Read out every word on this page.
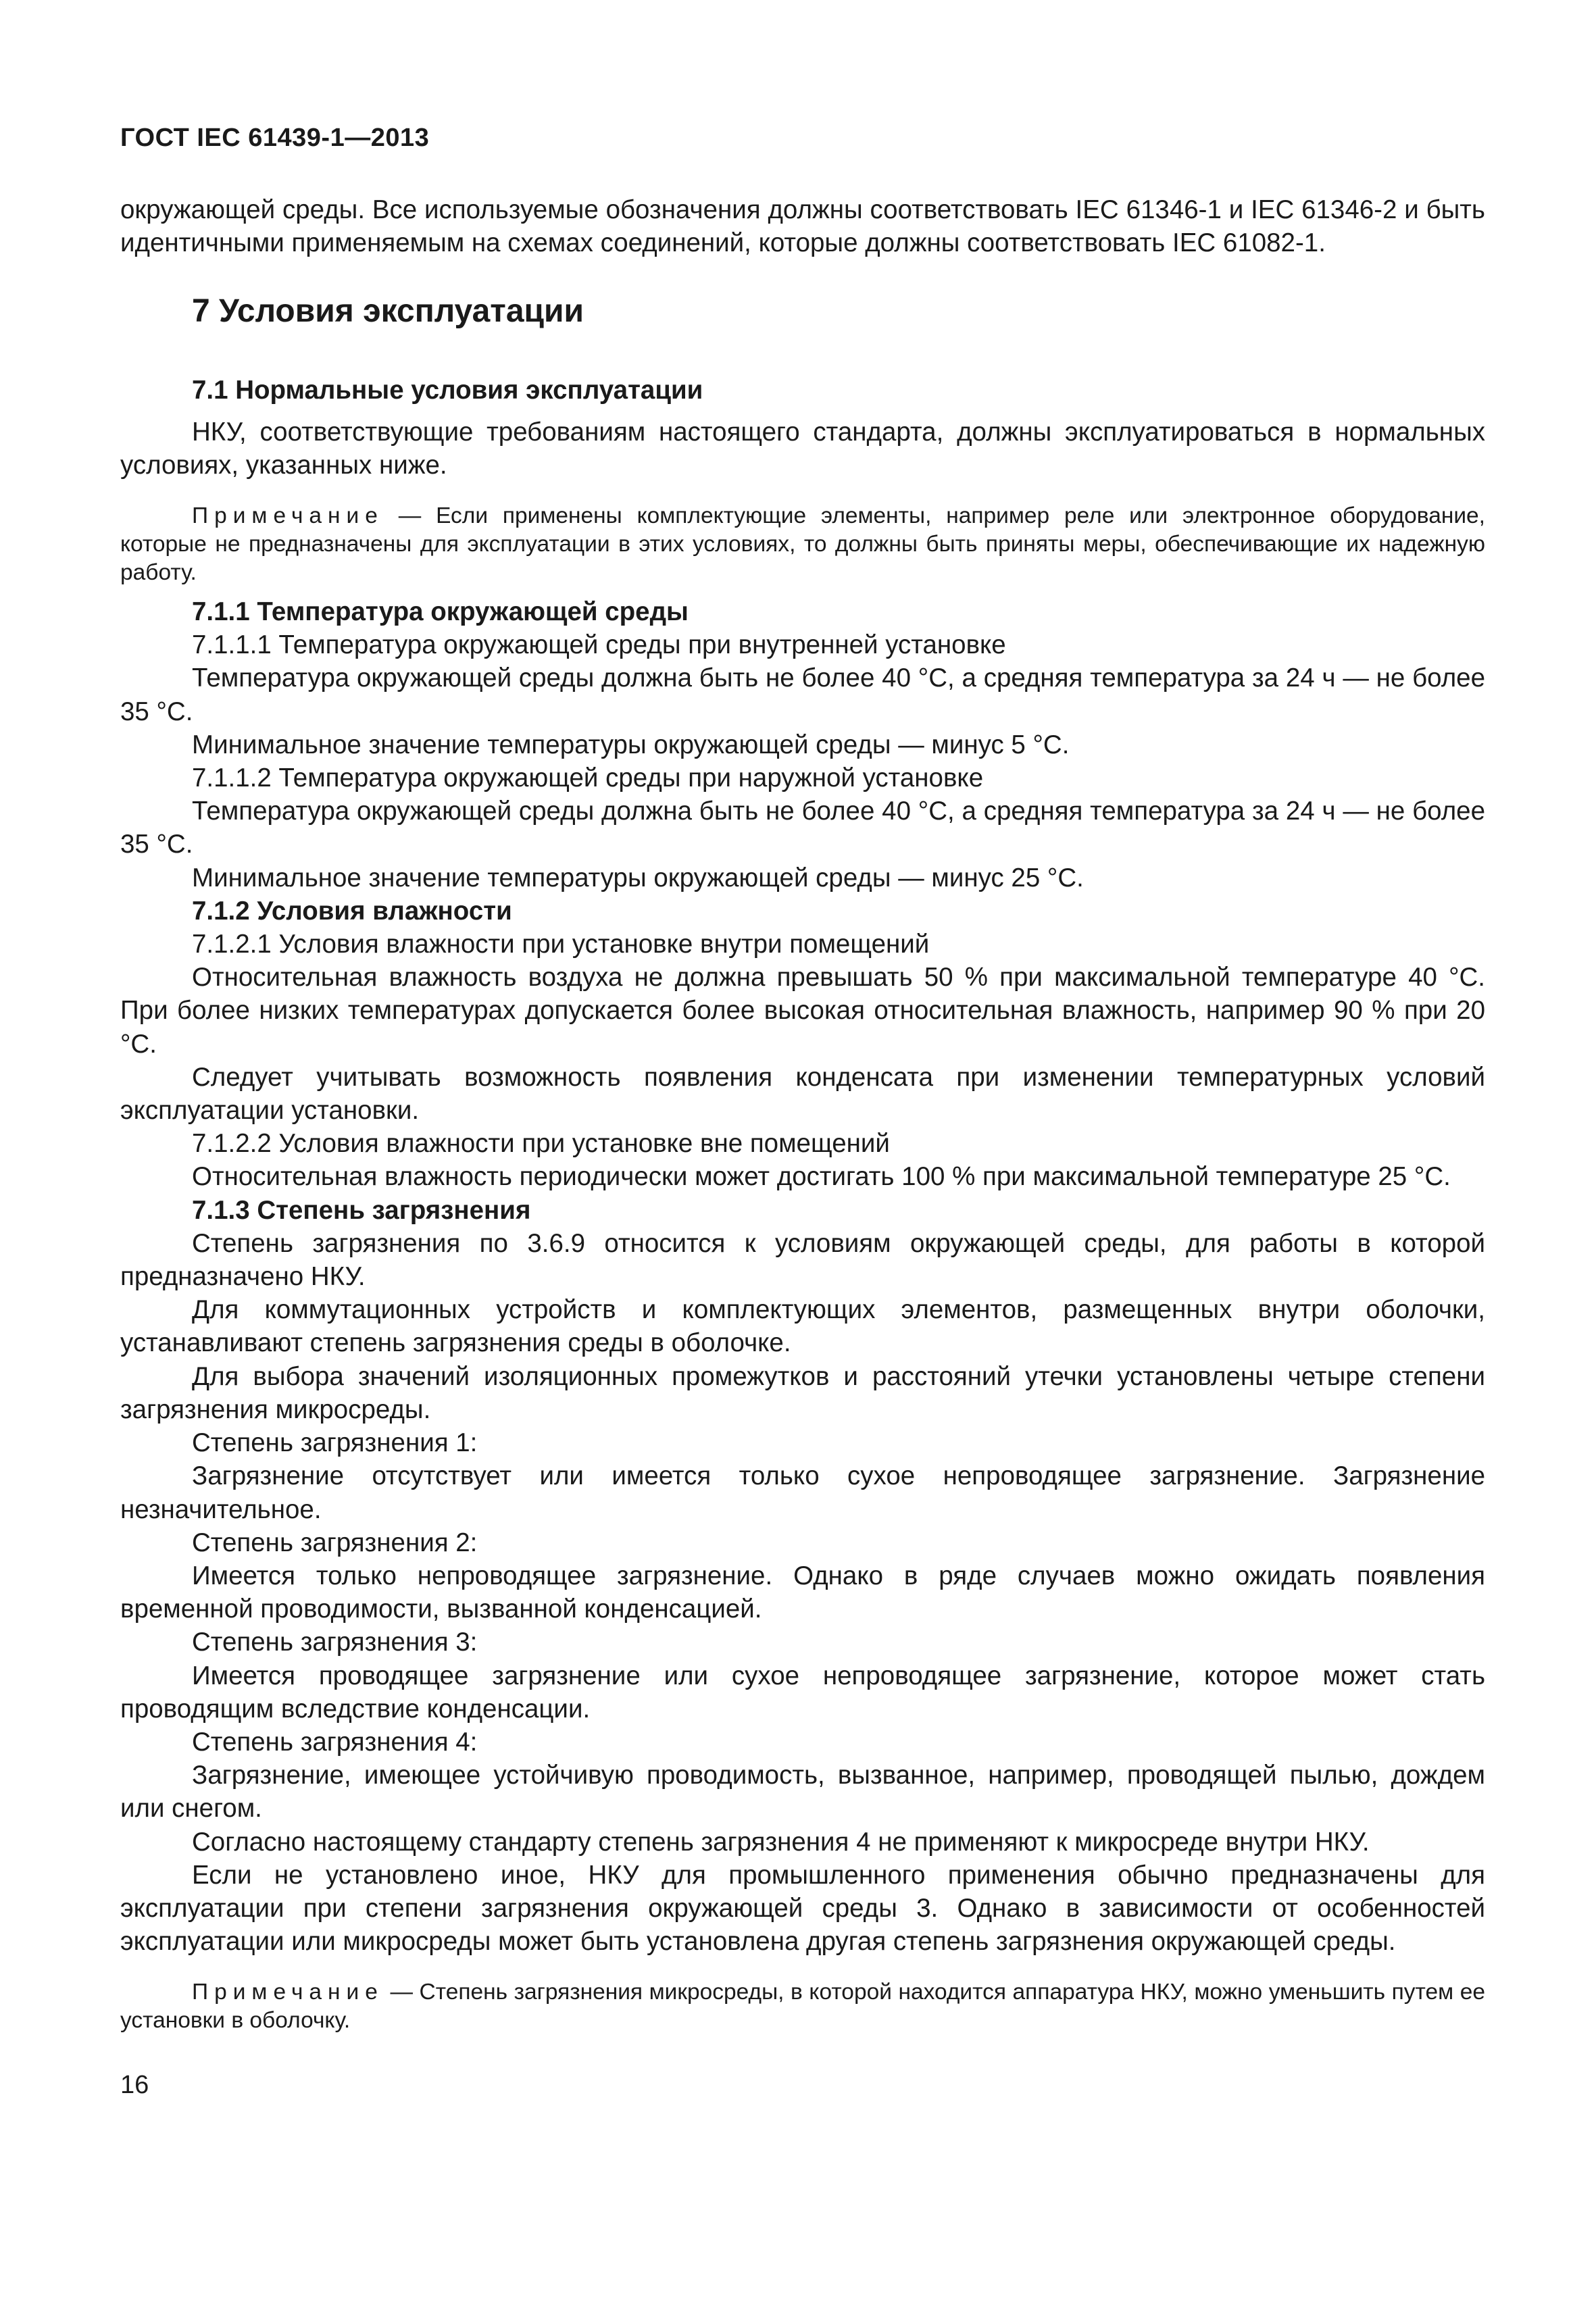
ГОСТ IEC 61439-1—2013

окружающей среды. Все используемые обозначения должны соответствовать IEC 61346-1 и IEC 61346-2 и быть идентичными применяемым на схемах соединений, которые должны соответствовать IEC 61082-1.

7 Условия эксплуатации
7.1 Нормальные условия эксплуатации

НКУ, соответствующие требованиям настоящего стандарта, должны эксплуатироваться в нормальных условиях, указанных ниже.

Примечание — Если применены комплектующие элементы, например реле или электронное оборудование, которые не предназначены для эксплуатации в этих условиях, то должны быть приняты меры, обеспечивающие их надежную работу.
7.1.1 Температура окружающей среды

7.1.1.1 Температура окружающей среды при внутренней установке

Температура окружающей среды должна быть не более 40 °С, а средняя температура за 24 ч — не более 35 °С.

Минимальное значение температуры окружающей среды — минус 5 °С.

7.1.1.2 Температура окружающей среды при наружной установке

Температура окружающей среды должна быть не более 40 °С, а средняя температура за 24 ч — не более 35 °С.

Минимальное значение температуры окружающей среды — минус 25 °С.

7.1.2 Условия влажности

7.1.2.1 Условия влажности при установке внутри помещений

Относительная влажность воздуха не должна превышать 50 % при максимальной температуре 40 °С. При более низких температурах допускается более высокая относительная влажность, например 90 % при 20 °С.

Следует учитывать возможность появления конденсата при изменении температурных условий эксплуатации установки.

7.1.2.2 Условия влажности при установке вне помещений

Относительная влажность периодически может достигать 100 % при максимальной температуре 25 °С.

7.1.3 Степень загрязнения

Степень загрязнения по 3.6.9 относится к условиям окружающей среды, для работы в которой предназначено НКУ.

Для коммутационных устройств и комплектующих элементов, размещенных внутри оболочки, устанавливают степень загрязнения среды в оболочке.

Для выбора значений изоляционных промежутков и расстояний утечки установлены четыре степени загрязнения микросреды.

Степень загрязнения 1:

Загрязнение отсутствует или имеется только сухое непроводящее загрязнение. Загрязнение незначительное.

Степень загрязнения 2:

Имеется только непроводящее загрязнение. Однако в ряде случаев можно ожидать появления временной проводимости, вызванной конденсацией.

Степень загрязнения 3:

Имеется проводящее загрязнение или сухое непроводящее загрязнение, которое может стать проводящим вследствие конденсации.

Степень загрязнения 4:

Загрязнение, имеющее устойчивую проводимость, вызванное, например, проводящей пылью, дождем или снегом.

Согласно настоящему стандарту степень загрязнения 4 не применяют к микросреде внутри НКУ.

Если не установлено иное, НКУ для промышленного применения обычно предназначены для эксплуатации при степени загрязнения окружающей среды 3. Однако в зависимости от особенностей эксплуатации или микросреды может быть установлена другая степень загрязнения окружающей среды.

Примечание — Степень загрязнения микросреды, в которой находится аппаратура НКУ, можно уменьшить путем ее установки в оболочку.
16
